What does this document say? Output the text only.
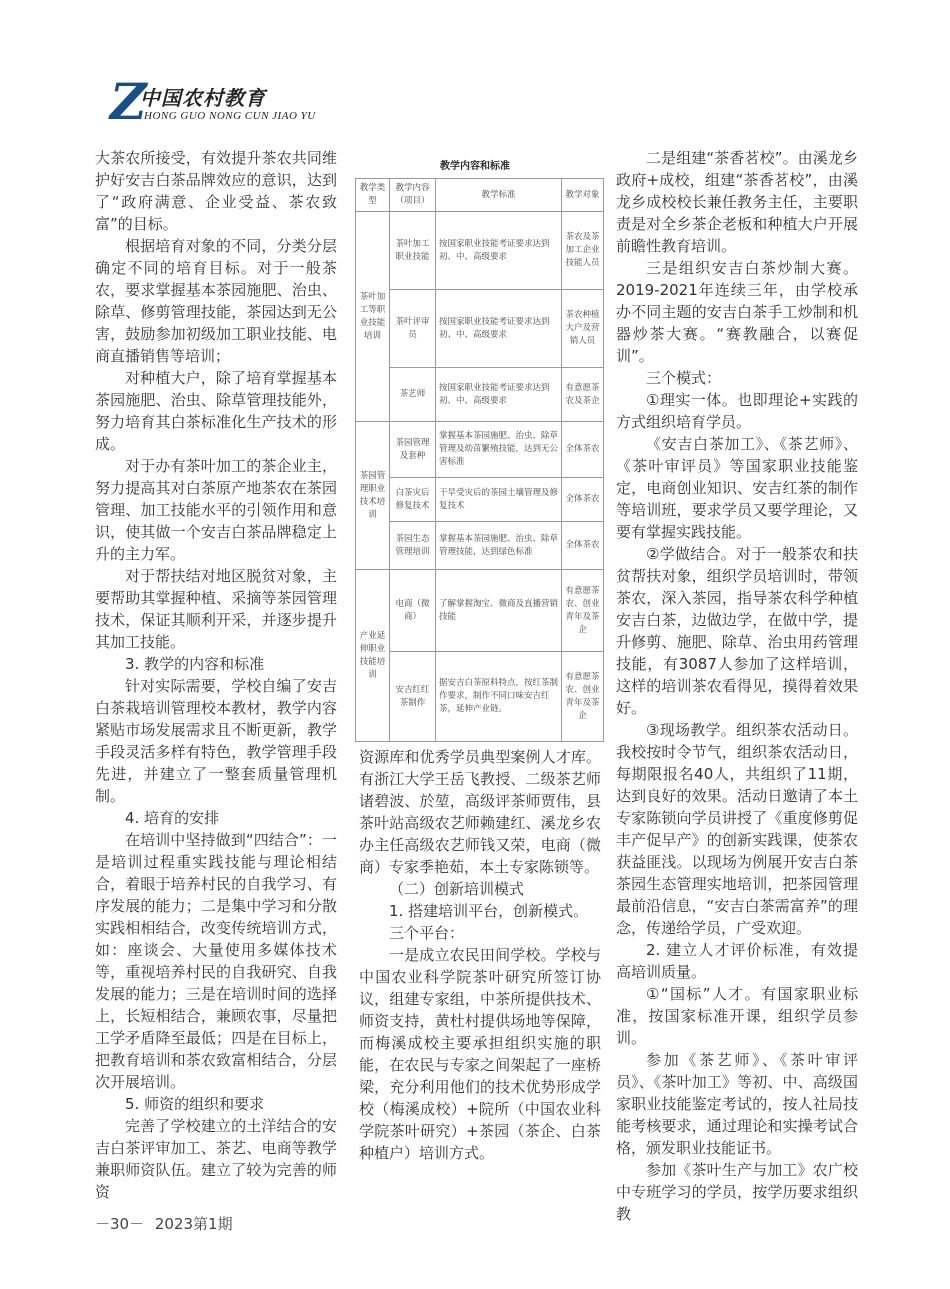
Z
中国农村教育
HONG GUO NONG CUN JIAO YU

大茶农所接受，有效提升茶农共同维护好安吉白茶品牌效应的意识，达到了“政府满意、企业受益、茶农致富”的目标。

根据培育对象的不同，分类分层确定不同的培育目标。对于一般茶农，要求掌握基本茶园施肥、治虫、除草、修剪管理技能，茶园达到无公害，鼓励参加初级加工职业技能、电商直播销售等培训；

对种植大户，除了培育掌握基本茶园施肥、治虫、除草管理技能外，努力培育其白茶标准化生产技术的形成。

对于办有茶叶加工的茶企业主，努力提高其对白茶原产地茶农在茶园管理、加工技能水平的引领作用和意识，使其做一个安吉白茶品牌稳定上升的主力军。

对于帮扶结对地区脱贫对象，主要帮助其掌握种植、采摘等茶园管理技术，保证其顺利开采，并逐步提升其加工技能。

3. 教学的内容和标准

针对实际需要，学校自编了安吉白茶栽培训管理校本教材，教学内容紧贴市场发展需求且不断更新，教学手段灵活多样有特色，教学管理手段先进，并建立了一整套质量管理机制。

4. 培育的安排

在培训中坚持做到“四结合”：一是培训过程重实践技能与理论相结合，着眼于培养村民的自我学习、有序发展的能力；二是集中学习和分散实践相相结合，改变传统培训方式，如：座谈会、大量使用多媒体技术等，重视培养村民的自我研究、自我发展的能力；三是在培训时间的选择上，长短相结合，兼顾农事，尽量把工学矛盾降至最低；四是在目标上，把教育培训和茶农致富相结合，分层次开展培训。

5. 师资的组织和要求

完善了学校建立的土洋结合的安吉白茶评审加工、茶艺、电商等教学兼职师资队伍。建立了较为完善的师资

教学内容和标准
教学类型	教学内容（项目）	教学标准	教学对象
茶叶加工等职业技能培训	茶叶加工职业技能	按国家职业技能考证要求达到初、中、高级要求	茶农及茶加工企业技能人员
	茶叶评审员	按国家职业技能考证要求达到初、中、高级要求	茶农种植大户及营销人员
	茶艺师	按国家职业技能考证要求达到初、中、高级要求	有意愿茶农及茶企
茶园管理职业技术培训	茶园管理及套种	掌握基本茶园施肥、治虫、除草管理及幼苗繁殖技能，达到无公害标准	全体茶农
	白茶灾后修复技术	干旱受灾后的茶园土壤管理及修复技术	全体茶农
	茶园生态管理培训	掌握基本茶园施肥、治虫、除草管理技能，达到绿色标准	全体茶农
产业延伸职业技能培训	电商（微商）	了解掌握淘宝、微商及直播营销技能	有意愿茶农、创业青年及茶企
	安吉红红茶制作	据安吉白茶原料特点，按红茶制作要求，制作不同口味安吉红茶，延伸产业链。	有意愿茶农、创业青年及茶企

资源库和优秀学员典型案例人才库。有浙江大学王岳飞教授、二级茶艺师诸碧波、於堃，高级评茶师贾伟，县茶叶站高级农艺师赖建红、溪龙乡农办主任高级农艺师钱又荣，电商（微商）专家季艳茹，本土专家陈锁等。

（二）创新培训模式

1. 搭建培训平台，创新模式。

三个平台：

一是成立农民田间学校。学校与中国农业科学院茶叶研究所签订协议，组建专家组，中茶所提供技术、师资支持，黄杜村提供场地等保障，而梅溪成校主要承担组织实施的职能，在农民与专家之间架起了一座桥梁，充分利用他们的技术优势形成学校（梅溪成校）+院所（中国农业科学院茶叶研究）+茶园（茶企、白茶种植户）培训方式。

二是组建“茶香茗校”。由溪龙乡政府+成校，组建“茶香茗校”，由溪龙乡成校校长兼任教务主任，主要职责是对全乡茶企老板和种植大户开展前瞻性教育培训。

三是组织安吉白茶炒制大赛。2019-2021年连续三年，由学校承办不同主题的安吉白茶手工炒制和机器炒茶大赛。“赛教融合，以赛促训”。

三个模式：

①理实一体。也即理论+实践的方式组织培育学员。

《安吉白茶加工》、《茶艺师》、《茶叶审评员》等国家职业技能鉴定，电商创业知识、安吉红茶的制作等培训班，要求学员又要学理论，又要有掌握实践技能。

②学做结合。对于一般茶农和扶贫帮扶对象，组织学员培训时，带领茶农，深入茶园，指导茶农科学种植安吉白茶，边做边学，在做中学，提升修剪、施肥、除草、治虫用药管理技能，有3087人参加了这样培训，这样的培训茶农看得见，摸得着效果好。

③现场教学。组织茶农活动日。我校按时令节气，组织茶农活动日，每期限报名40人，共组织了11期，达到良好的效果。活动日邀请了本土专家陈锁向学员讲授了《重度修剪促丰产促早产》的创新实践课，使茶农获益匪浅。以现场为例展开安吉白茶茶园生态管理实地培训，把茶园管理最前沿信息，“安吉白茶需富养”的理念，传递给学员，广受欢迎。

2. 建立人才评价标准，有效提高培训质量。

①“国标”人才。有国家职业标准，按国家标准开课，组织学员参训。

参加《茶艺师》、《茶叶审评员》、《茶叶加工》等初、中、高级国家职业技能鉴定考试的，按人社局技能考核要求，通过理论和实操考试合格，颁发职业技能证书。

参加《茶叶生产与加工》农广校中专班学习的学员，按学历要求组织教

－30－ 2023第1期
